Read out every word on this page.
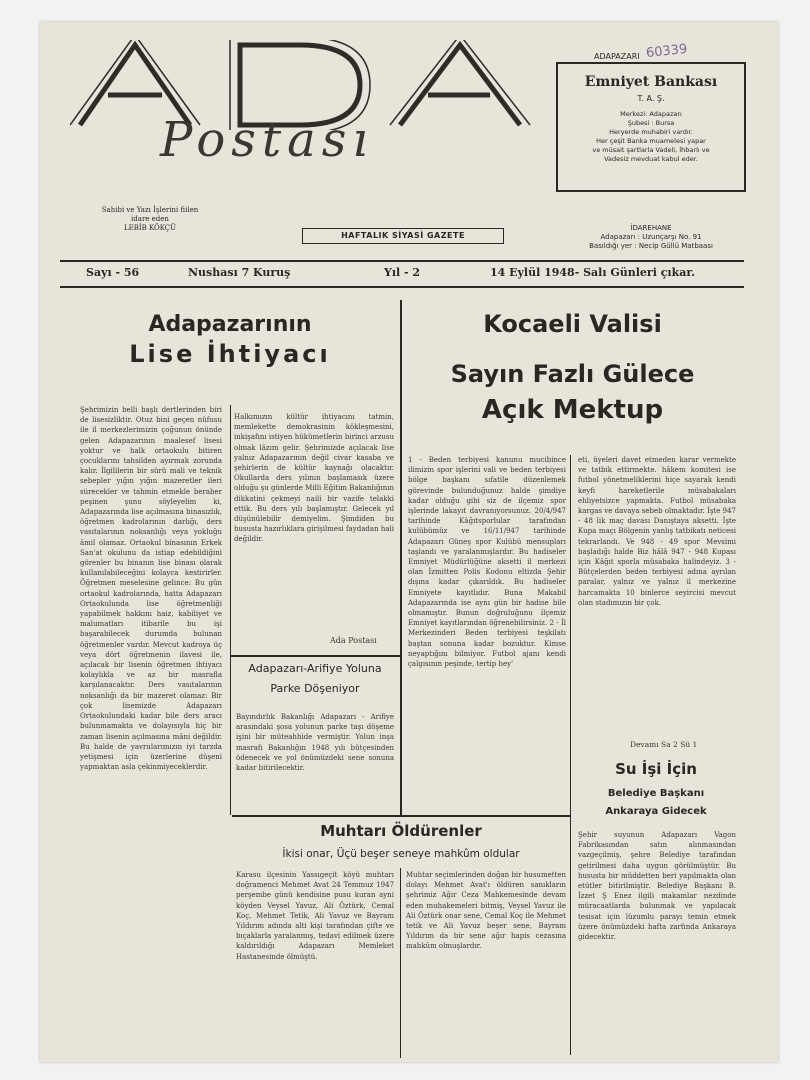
Postası
Sahibi ve Yazı İşlerini fiilen
idare eden
LEBİB KÖKÇÜ
HAFTALIK SİYASİ GAZETE
ADAPAZARI
Emniyet Bankası
T. A. Ş.
Merkezi: Adapazarı
Şubesi : Bursa
Heryerde muhabiri vardır.
Her çeşit Banka muamelesi yapar
ve müsait şartlarla Vadeli, İhbarlı ve
Vadesiz mevduat kabul eder.
60339
İDAREHANE
Adapazarı : Uzunçarşı No. 91
Basıldığı yer : Necip Güllü Matbaası
Sayı - 56	Nushası 7 Kuruş	Yıl - 2	14 Eylül 1948- Salı Günleri çıkar.
Adapazarının
Lise İhtiyacı
Şehrimizin belli başlı dertlerinden biri de lisesizliktir. Otuz bini geçen nüfusu ile il merkezlerimizin çoğunun önünde gelen Adapazarının maalesef lisesi yoktur ve halk ortaokulu bitiren çocuklarını tahsilden ayırmak zorunda kalır. İlgililerin bir sürü mali ve teknik sebepler yığın yığın mazeretler ileri sürecekler ve tahmin etmekle beraber peşinen şunu söyleyelim ki, Adapazarında lise açılmasına binasızlık, öğretmen kadrolarının darlığı, ders vasıtalarının noksanlığı veya yokluğu âmil olamaz. Ortaokul binasının Erkek San'at okulunu da istiap edebildiğini görenler bu binanın lise binası olarak kullanılabileceğini kolayca kestirirler. Öğretmen meselesine gelince: Bu gün ortaokul kadrolarında, hatta Adapazarı Ortaokulunda lise öğretmenliği yapabilmek hakkını haiz, kabiliyet ve malumatları itibarile bu işi başarabilecek durumda bulunan öğretmenler vardır. Mevcut kadroya üç veya dört öğretmenin ilavesi ile, açılacak bir lisenin öğretmen ihtiyacı kolaylıkla ve az bir masrafla karşılanacaktır. Ders vasıtalarının noksanlığı da bir mazeret olamaz: Bir çok lisemizde Adapazarı Ortaokulundaki kadar bile ders aracı bulunmamakta ve dolayısıyla hiç bir zaman lisenin açılmasına mâni değildir. Bu halde de yavrularımızın iyi tarzda yetişmesi için üzerlerine düşeni yapmaktan asla çekinmiyeceklerdir.
Halkımızın kültür ihtiyacını tatmin, memlekette demokrasinin kökleşmesini, inkişafını istiyen hükümetlerin birinci arzusu olmak lâzım gelir. Şehrimizde açılacak lise yalnız Adapazarının değil civar kasaba ve şehirlerin de kültür kaynağı olacaktır. Okullarda ders yılının başlamasık üzere olduğu şu günlerde Milli Eğitim Bakanlığının dikkatini çekmeyi naili bir vazife telakki ettik. Bu ders yılı başlamıştır. Gelecek yıl düşünülebilir demiyelim. Şimdiden bu hususta hazırlıklara girişilmesi faydadan hali değildir.
Ada Postası
Adapazarı-Arifiye Yoluna
Parke Döşeniyor
Bayındırlık Bakanlığı Adapazarı - Arifiye arasındaki şosa yolunun parke taşı döşeme işini bir müteahhide vermiştir. Yolun inşa masrafı Bakanlığın 1948 yılı bütçesinden ödenecek ve yol önümüzdeki sene sonuna kadar bitirilecektir.
Kocaeli Valisi
Sayın Fazlı Gülece
Açık Mektup
1 - Beden terbiyesi kanunu mucibince ilimizin spor işlerini vali ve beden terbiyesi bölge başkanı sıfatile düzenlemek görevinde bulunduğunuz halde şimdiye kadar olduğu gibi siz de ilçemiz spor işlerinde lakayıt davranıyorsunuz. 20/4/947 tarihinde Kâğıtsporlular tarafından kulübümüz ve 16/11/947 tarihinde Adapazarı Güneş spor Kulübü mensupları taşlandı ve yaralanmışlardır. Bu hadiseler Emniyet Müdürlüğüne aksetti il merkezi olan İzmitten Polis Kodonu eltizda Şehir dışına kadar çıkarıldık. Bu hadiseler Emniyete kayıtlıdır. Buna Makabil Adapazarında ise aynı gün bir hadise bile olmamıştır. Bunun doğruluğunu ilçemiz Emniyet kayıtlarından öğrenebilirsiniz. 2 - İl Merkezinderi Beden terbiyesi teşkilatı baştan sonuna kadar bozuktur. Kimse neyaptığını bilmiyor. Futbol ajanı kendi çalgısının peşinde, tertip hey'
eti, üyeleri davet etmeden karar vermekte ve tatbik ettirmekte. hâkem komitesi ise futbol yönetmeliklerini hiçe sayarak kendi keyfi hareketlerile müsabakaları ehliyetsizce yapmakta. Futbol müsabaka kargas ve davaya sebeb olmaktadır. İşte 947 - 48 lik maç davası Danıştaya aksetti. İşte Kupa maçı Bölgenin yanlış tatbikatı neticesi tekrarlandı. Ve 948 - 49 spor Mevsimi başladığı halde Biz hâlâ 947 - 948 Kupası için Kâğıt sporla müsabaka halindeyiz. 3 - Bütçelerden beden terbiyesi adına ayrılan paralar, yalnız ve yalnız il merkezine harcamakta 10 binlerce seyircisi mevcut olan stadımızın bir çok.
Devamı Sa 2 Sü 1
Su İşi İçin
Belediye Başkanı
Ankaraya Gidecek
Şehir suyunun Adapazarı Vagon Fabrikasından satın alınmasından vazgeçilmiş, şehre Belediye tarafından getirilmesi daha uygun görülmüştür. Bu hususta bir müddetten beri yapılmakta olan etütler bitirilmiştir. Belediye Başkanı B. İzzet Ş Enez ilgili makamlar nezdinde müracaatlarda bulunmak ve yapılacak tesisat için lüzumlu parayı temin etmek üzere önümüzdeki hafta zarfında Ankaraya gidecektir.
Muhtarı Öldürenler
İkisi onar, Üçü beşer seneye mahkûm oldular
Karasu ilçesinin Yassıgeçit köyü muhtarı doğramenci Mehmet Avat 24 Temmuz 1947 perşembe günü kendisine pusu kuran ayni köyden Veysel Yavuz, Ali Öztürk, Cemal Koç, Mehmet Tetik, Ali Yavuz ve Bayram Yıldırım adında alti kişi tarafından çifte ve bıçaklarla yaralanmış, tedavi edilmek üzere kaldırıldığı Adapazarı Memleket Hastanesinde ölmüştü.
Muhtar seçimlerinden doğan bir husumetten dolayı Mehmet Avat'ı öldüren sanıkların şehrimiz Ağır Ceza Mahkemesinde devam eden muhakemeleri bitmiş, Veysel Yavuz ile Ali Öztürk onar sene, Cemal Koç ile Mehmet tetik ve Ali Yavuz beşer sene, Bayram Yıldırım da bir sene ağır hapis cezasına mahkûm olmuşlardır.
